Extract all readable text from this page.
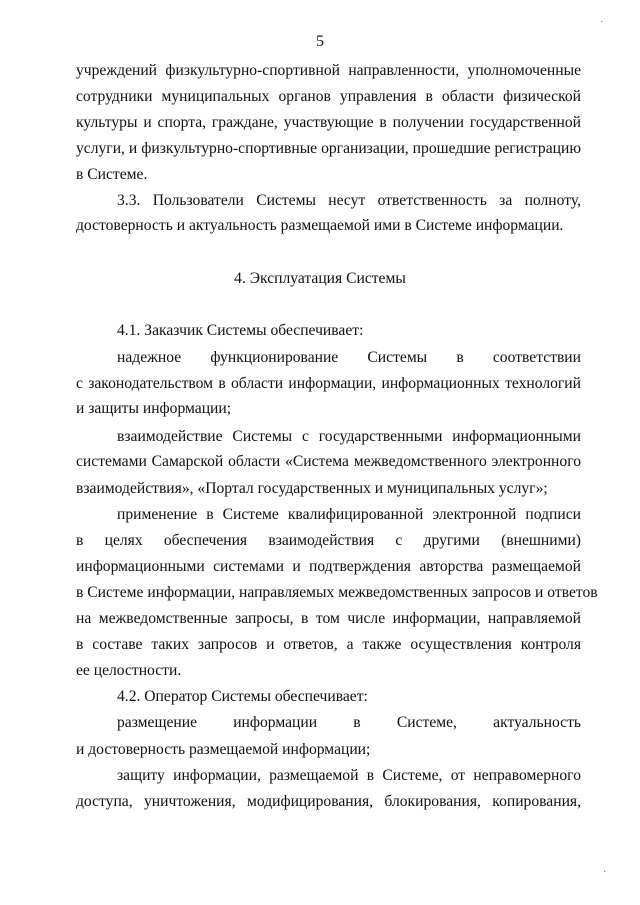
5
учреждений физкультурно-спортивной направленности, уполномоченные
сотрудники муниципальных органов управления в области физической
культуры и спорта, граждане, участвующие в получении государственной
услуги, и физкультурно-спортивные организации, прошедшие регистрацию
в Системе.
3.3. Пользователи Системы несут ответственность за полноту,
достоверность и актуальность размещаемой ими в Системе информации.
4. Эксплуатация Системы
4.1. Заказчик Системы обеспечивает:
надежное функционирование Системы в соответствии
с законодательством в области информации, информационных технологий
и защиты информации;
взаимодействие Системы с государственными информационными
системами Самарской области «Система межведомственного электронного
взаимодействия», «Портал государственных и муниципальных услуг»;
применение в Системе квалифицированной электронной подписи
в целях обеспечения взаимодействия с другими (внешними)
информационными системами и подтверждения авторства размещаемой
в Системе информации, направляемых межведомственных запросов и ответов
на межведомственные запросы, в том числе информации, направляемой
в составе таких запросов и ответов, а также осуществления контроля
ее целостности.
4.2. Оператор Системы обеспечивает:
размещение информации в Системе, актуальность
и достоверность размещаемой информации;
защиту информации, размещаемой в Системе, от неправомерного
доступа, уничтожения, модифицирования, блокирования, копирования,
·
·
